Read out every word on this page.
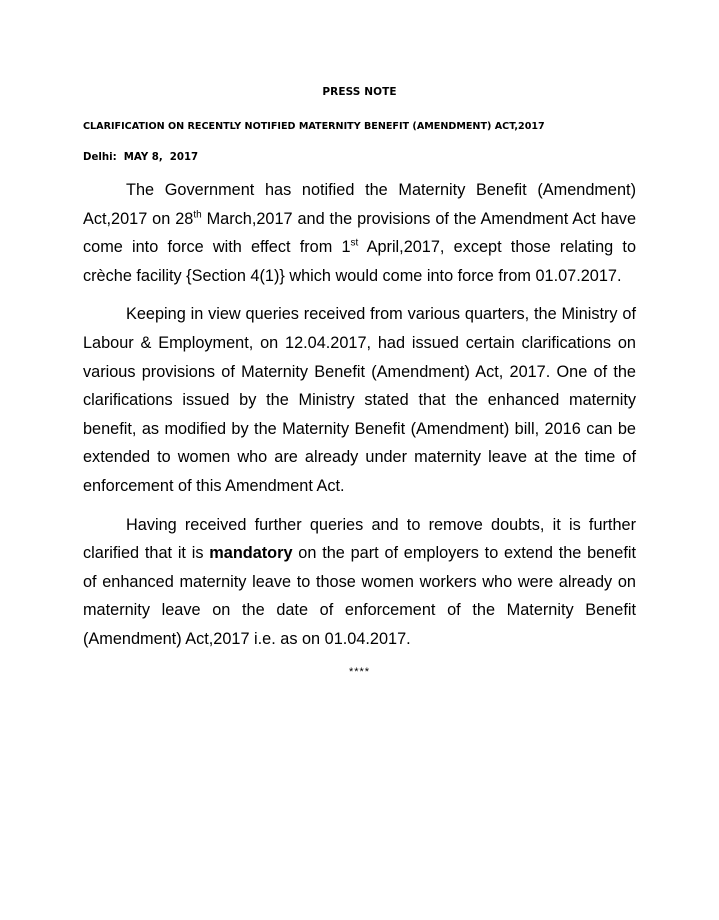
PRESS NOTE
CLARIFICATION ON RECENTLY NOTIFIED MATERNITY BENEFIT (AMENDMENT) ACT,2017
Delhi:  MAY 8,  2017

The Government has notified the Maternity Benefit (Amendment) Act,2017 on 28th March,2017 and the provisions of the Amendment Act have come into force with effect from 1st April,2017, except those relating to crèche facility {Section 4(1)} which would come into force from 01.07.2017.

Keeping in view queries received from various quarters, the Ministry of Labour & Employment, on 12.04.2017, had issued certain clarifications on various provisions of Maternity Benefit (Amendment) Act, 2017. One of the clarifications issued by the Ministry stated that the enhanced maternity benefit, as modified by the Maternity Benefit (Amendment) bill, 2016 can be extended to women who are already under maternity leave at the time of enforcement of this Amendment Act.

Having received further queries and to remove doubts, it is further clarified that it is mandatory on the part of employers to extend the benefit of enhanced maternity leave to those women workers who were already on maternity leave on the date of enforcement of the Maternity Benefit (Amendment) Act,2017 i.e. as on 01.04.2017.

****
